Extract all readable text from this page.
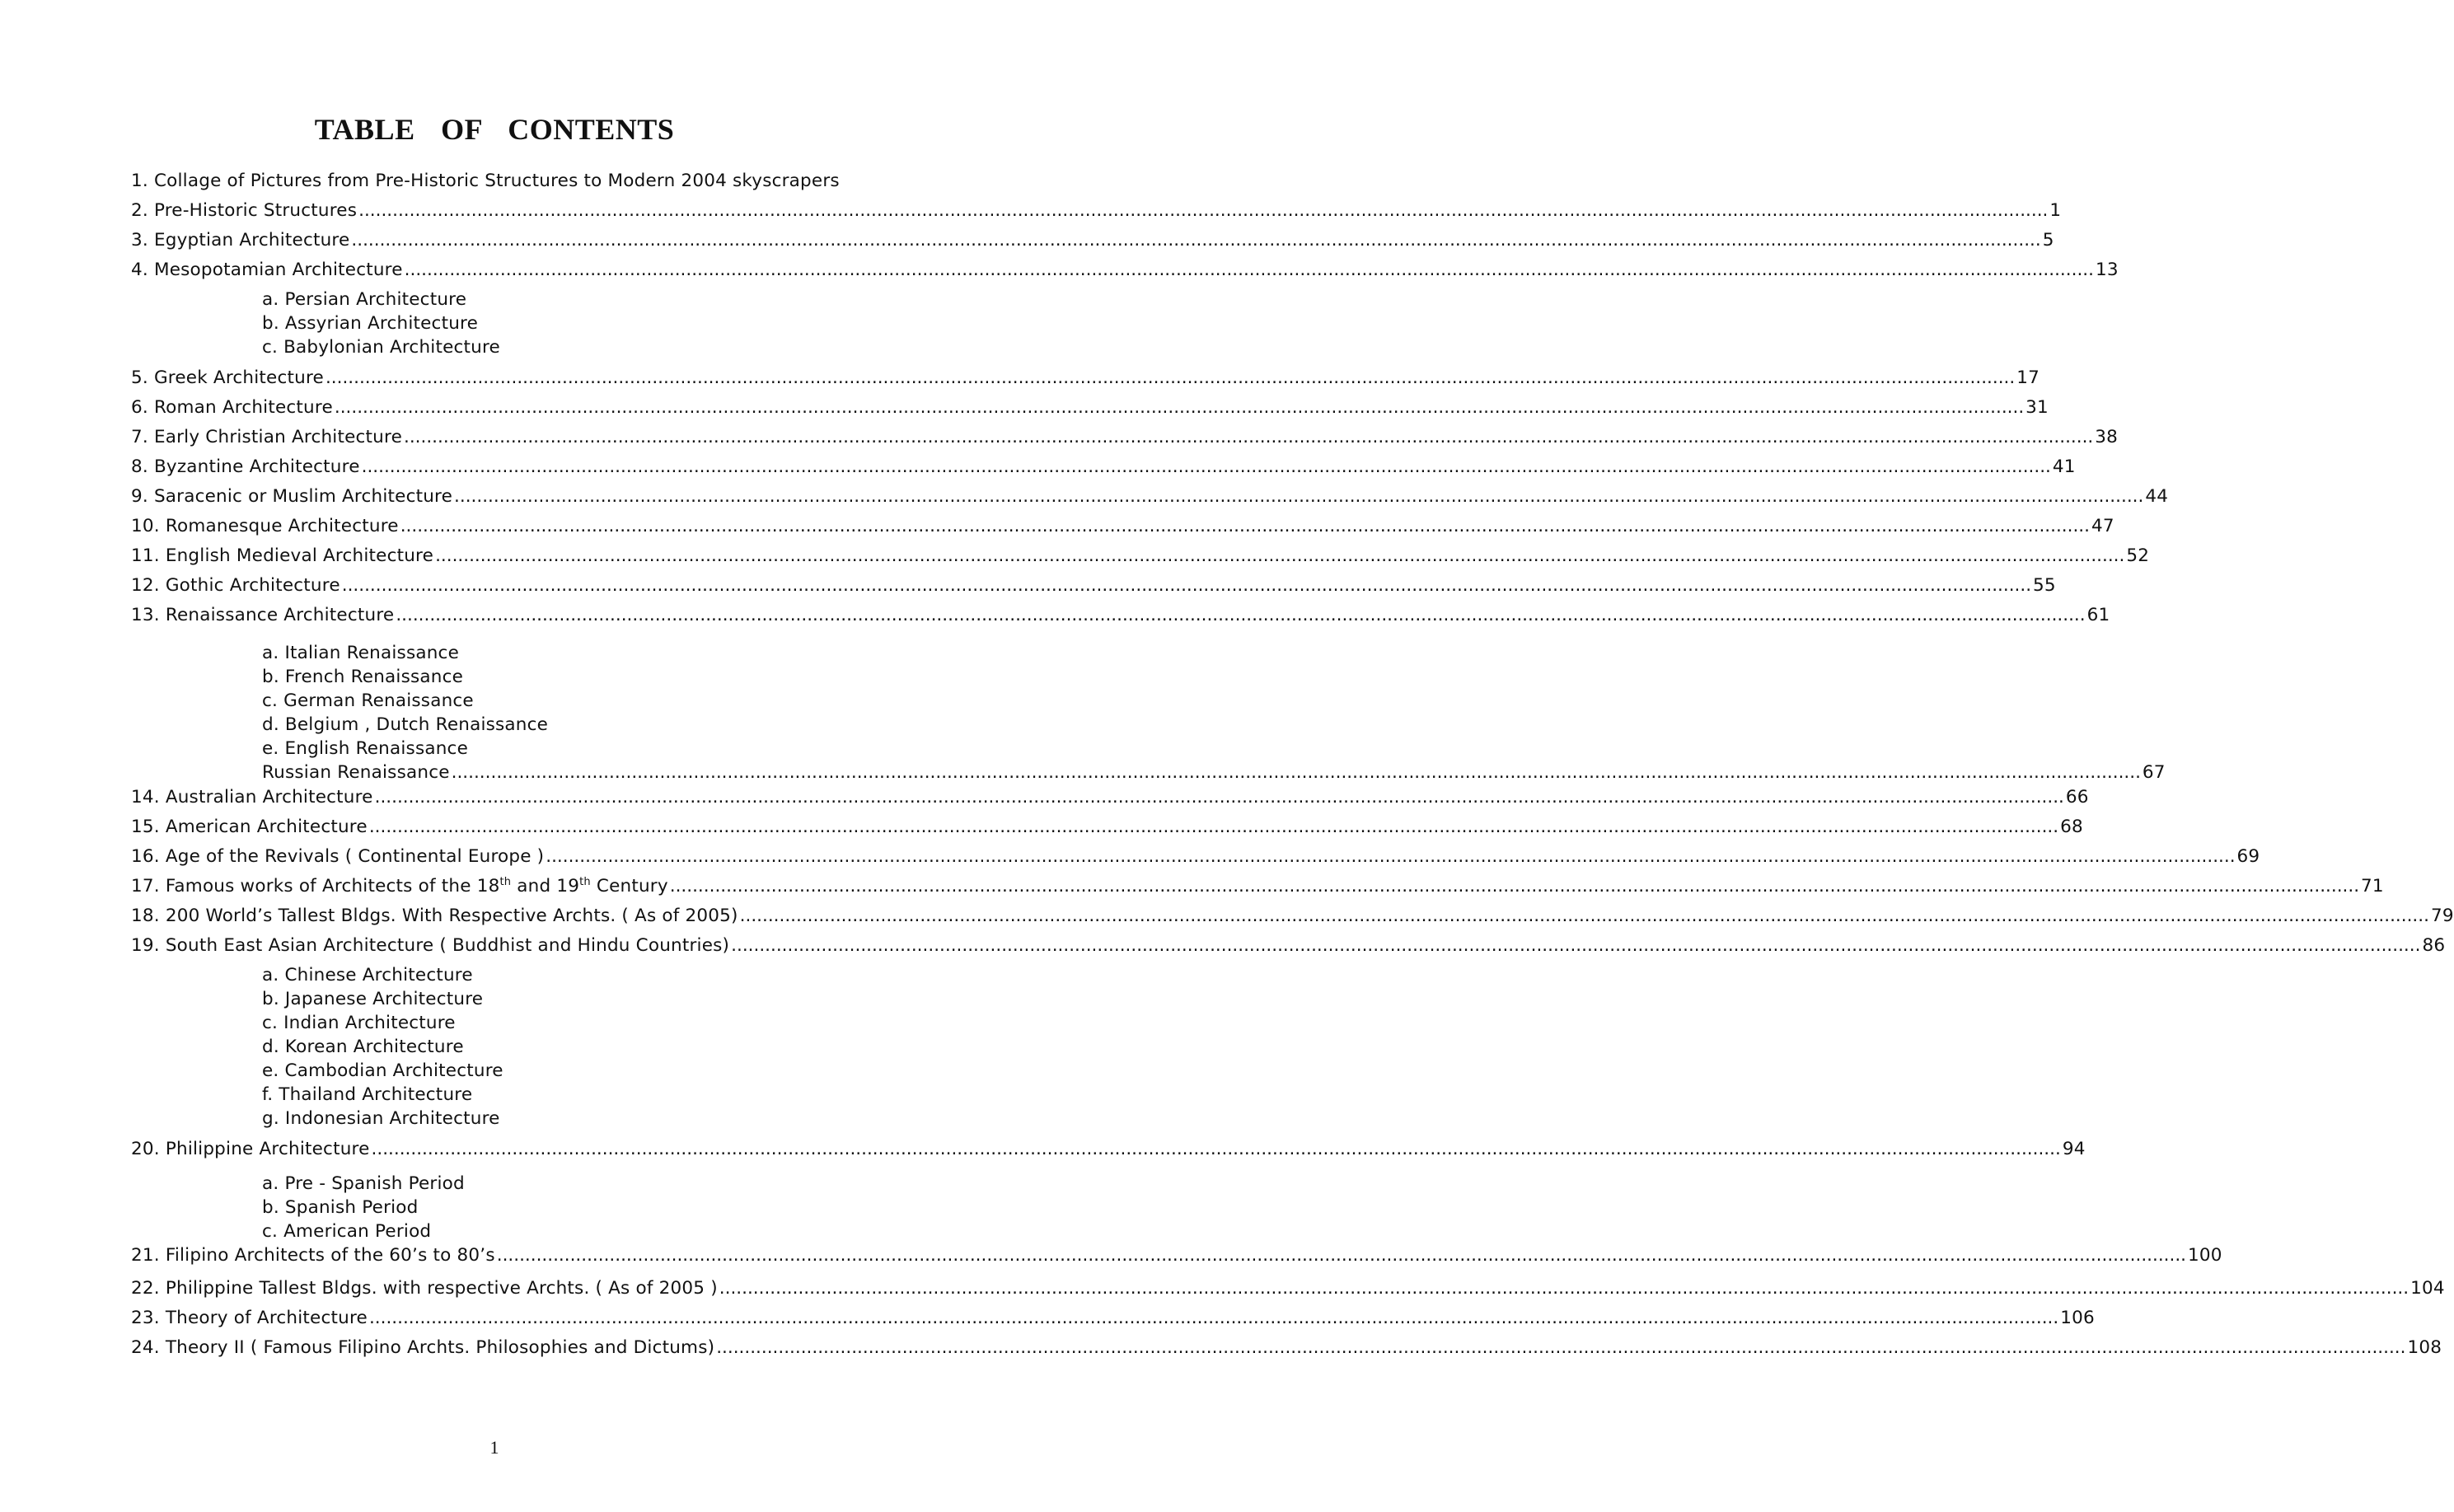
TABLE OF CONTENTS
1. Collage of Pictures from Pre-Historic Structures to Modern 2004 skyscrapers
2. Pre-Historic Structures ............................................................................................................................................................................................................................................................................................................ 1
3. Egyptian Architecture ............................................................................................................................................................................................................................................................................................................ 5
4. Mesopotamian Architecture ............................................................................................................................................................................................................................................................................................................ 13
a. Persian Architecture
b. Assyrian Architecture
c. Babylonian Architecture
5. Greek Architecture ............................................................................................................................................................................................................................................................................................................ 17
6. Roman Architecture ............................................................................................................................................................................................................................................................................................................ 31
7. Early Christian Architecture ............................................................................................................................................................................................................................................................................................................ 38
8. Byzantine Architecture ............................................................................................................................................................................................................................................................................................................ 41
9. Saracenic or Muslim Architecture ............................................................................................................................................................................................................................................................................................................ 44
10. Romanesque Architecture ............................................................................................................................................................................................................................................................................................................ 47
11. English Medieval Architecture ............................................................................................................................................................................................................................................................................................................ 52
12. Gothic Architecture ............................................................................................................................................................................................................................................................................................................ 55
13. Renaissance Architecture ............................................................................................................................................................................................................................................................................................................ 61
a. Italian Renaissance
b. French Renaissance
c. German Renaissance
d. Belgium , Dutch Renaissance
e. English Renaissance
Russian Renaissance ............................................................................................................................................................................................................................................................................................................ 67
14. Australian Architecture ............................................................................................................................................................................................................................................................................................................ 66
15. American Architecture ............................................................................................................................................................................................................................................................................................................ 68
16. Age of the Revivals ( Continental Europe ) ............................................................................................................................................................................................................................................................................................................ 69
17. Famous works of Architects of the 18th and 19th Century ............................................................................................................................................................................................................................................................................................................ 71
18. 200 World’s Tallest Bldgs. With Respective Archts. ( As of 2005) ............................................................................................................................................................................................................................................................................................................ 79
19. South East Asian Architecture ( Buddhist and Hindu Countries) ............................................................................................................................................................................................................................................................................................................ 86
a. Chinese Architecture
b. Japanese Architecture
c. Indian Architecture
d. Korean Architecture
e. Cambodian Architecture
f. Thailand Architecture
g. Indonesian Architecture
20. Philippine Architecture ............................................................................................................................................................................................................................................................................................................ 94
a. Pre - Spanish Period
b. Spanish Period
c. American Period
21. Filipino Architects of the 60’s to 80’s ............................................................................................................................................................................................................................................................................................................ 100
22. Philippine Tallest Bldgs. with respective Archts. ( As of 2005 ) ............................................................................................................................................................................................................................................................................................................ 104
23. Theory of Architecture ............................................................................................................................................................................................................................................................................................................ 106
24. Theory II ( Famous Filipino Archts. Philosophies and Dictums) ............................................................................................................................................................................................................................................................................................................ 108
1
